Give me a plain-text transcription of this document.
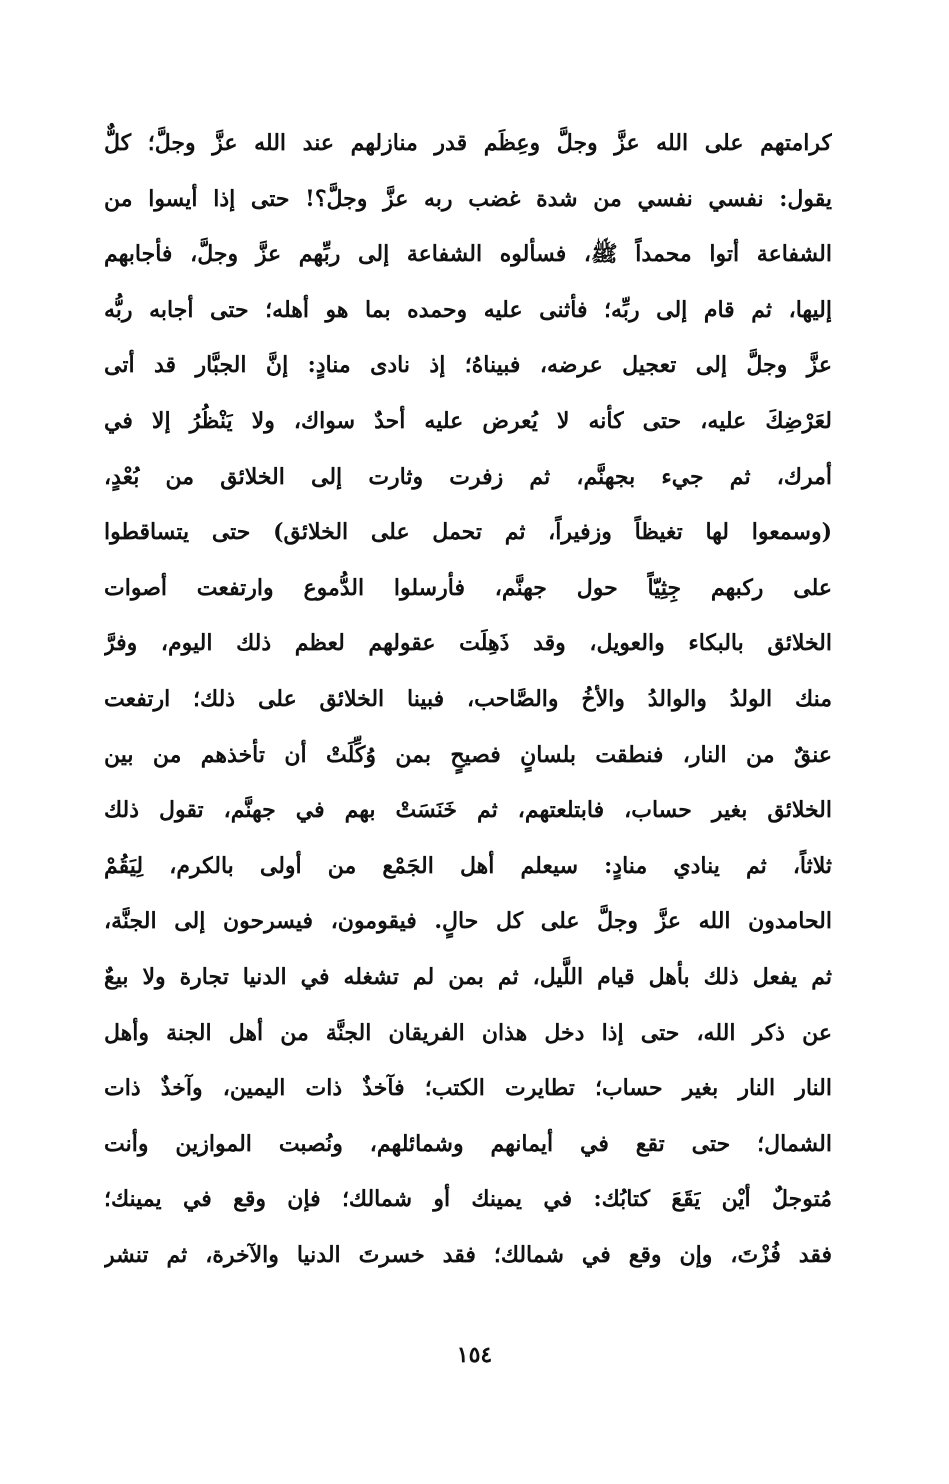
كرامتهم على الله عزَّ وجلَّ وعِظَم قدر منازلهم عند الله عزَّ وجلَّ؛ كلٌّ
يقول: نفسي نفسي من شدة غضب ربه عزَّ وجلَّ؟! حتى إذا أيسوا من
الشفاعة أتوا محمداً ﷺ، فسألوه الشفاعة إلى ربِّهم عزَّ وجلَّ، فأجابهم
إليها، ثم قام إلى ربِّه؛ فأثنى عليه وحمده بما هو أهله؛ حتى أجابه ربُّه
عزَّ وجلَّ إلى تعجيل عرضه، فبيناهُ؛ إذ نادى منادٍ: إنَّ الجبَّار قد أتى
لعَرْضِكَ عليه، حتى كأنه لا يُعرض عليه أحدٌ سواك، ولا يَنْظُرُ إلا في
أمرك، ثم جيء بجهنَّم، ثم زفرت وثارت إلى الخلائق من بُعْدٍ،
(وسمعوا لها تغيظاً وزفيراً، ثم تحمل على الخلائق) حتى يتساقطوا
على ركبهم جِثِيّاً حول جهنَّم، فأرسلوا الدُّموع وارتفعت أصوات
الخلائق بالبكاء والعويل، وقد ذَهِلَت عقولهم لعظم ذلك اليوم، وفرَّ
منك الولدُ والوالدُ والأخُ والصَّاحب، فبينا الخلائق على ذلك؛ ارتفعت
عنقٌ من النار، فنطقت بلسانٍ فصيحٍ بمن وُكِّلَتْ أن تأخذهم من بين
الخلائق بغير حساب، فابتلعتهم، ثم خَنَسَتْ بهم في جهنَّم، تقول ذلك
ثلاثاً، ثم ينادي منادٍ: سيعلم أهل الجَمْع من أولى بالكرم، لِيَقُمْ
الحامدون الله عزَّ وجلَّ على كل حالٍ. فيقومون، فيسرحون إلى الجنَّة،
ثم يفعل ذلك بأهل قيام اللَّيل، ثم بمن لم تشغله في الدنيا تجارة ولا بيعٌ
عن ذكر الله، حتى إذا دخل هذان الفريقان الجنَّة من أهل الجنة وأهل
النار النار بغير حساب؛ تطايرت الكتب؛ فآخذٌ ذات اليمين، وآخذٌ ذات
الشمال؛ حتى تقع في أيمانهم وشمائلهم، ونُصبت الموازين وأنت
مُتوجلٌ أيْن يَقَعَ كتابُك: في يمينك أو شمالك؛ فإن وقع في يمينك؛
فقد فُزْتَ، وإن وقع في شمالك؛ فقد خسرتَ الدنيا والآخرة، ثم تنشر
١٥٤
